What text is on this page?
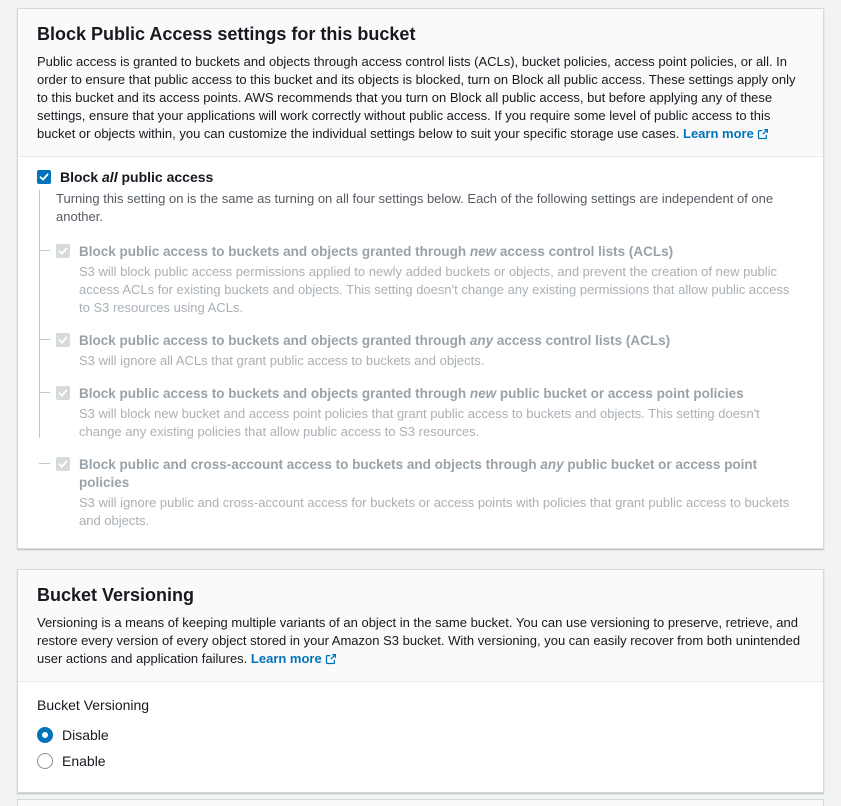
Block Public Access settings for this bucket
Public access is granted to buckets and objects through access control lists (ACLs), bucket policies, access point policies, or all. In order to ensure that public access to this bucket and its objects is blocked, turn on Block all public access. These settings apply only to this bucket and its access points. AWS recommends that you turn on Block all public access, but before applying any of these settings, ensure that your applications will work correctly without public access. If you require some level of public access to this bucket or objects within, you can customize the individual settings below to suit your specific storage use cases. Learn more
Block all public access
Turning this setting on is the same as turning on all four settings below. Each of the following settings are independent of one another.
Block public access to buckets and objects granted through new access control lists (ACLs)
S3 will block public access permissions applied to newly added buckets or objects, and prevent the creation of new public access ACLs for existing buckets and objects. This setting doesn't change any existing permissions that allow public access to S3 resources using ACLs.
Block public access to buckets and objects granted through any access control lists (ACLs)
S3 will ignore all ACLs that grant public access to buckets and objects.
Block public access to buckets and objects granted through new public bucket or access point policies
S3 will block new bucket and access point policies that grant public access to buckets and objects. This setting doesn't change any existing policies that allow public access to S3 resources.
Block public and cross-account access to buckets and objects through any public bucket or access point policies
S3 will ignore public and cross-account access for buckets or access points with policies that grant public access to buckets and objects.
Bucket Versioning
Versioning is a means of keeping multiple variants of an object in the same bucket. You can use versioning to preserve, retrieve, and restore every version of every object stored in your Amazon S3 bucket. With versioning, you can easily recover from both unintended user actions and application failures. Learn more
Bucket Versioning
Disable
Enable
